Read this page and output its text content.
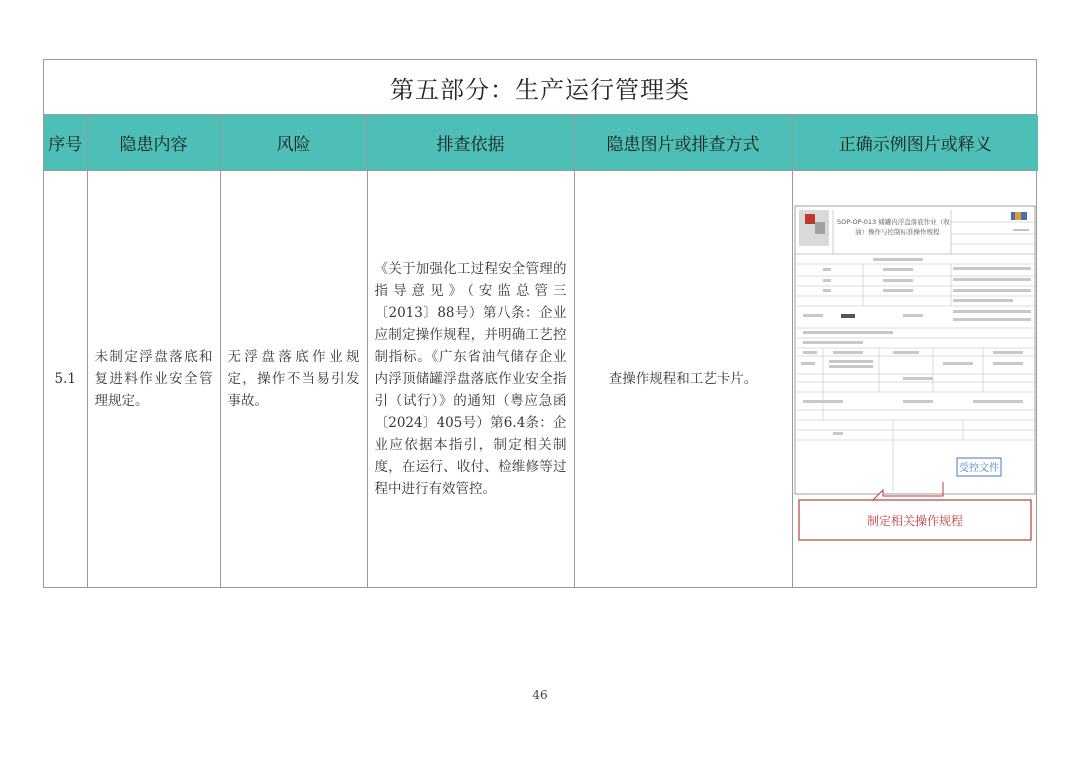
第五部分：生产运行管理类
序号	隐患内容	风险	排查依据	隐患图片或排查方式	正确示例图片或释义
5.1	未制定浮盘落底和复进料作业安全管理规定。	无浮盘落底作业规定，操作不当易引发事故。	《关于加强化工过程安全管理的指导意见》（安监总管三〔2013〕88号）第八条：企业应制定操作规程，并明确工艺控制指标。《广东省油气储存企业内浮顶储罐浮盘落底作业安全指引（试行）》的通知（粤应急函〔2024〕405号）第6.4条：企业应依据本指引，制定相关制度，在运行、收付、检维修等过程中进行有效管控。	查操作规程和工艺卡片。	SOP-OP-013 储罐内浮盘落底作业（收
油）操作与控制标准操作规程
受控文件
制定相关操作规程
46
